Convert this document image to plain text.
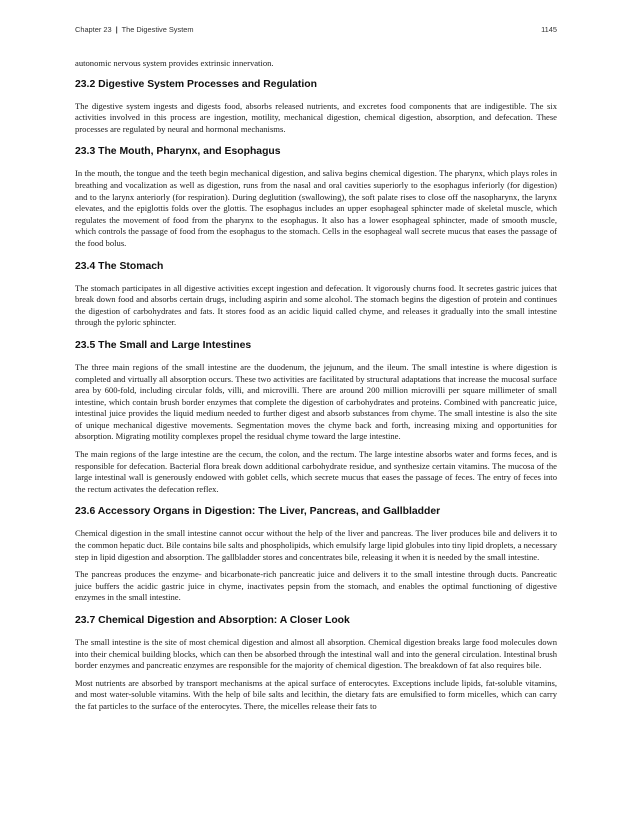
Chapter 23 | The Digestive System	1145

autonomic nervous system provides extrinsic innervation.

23.2 Digestive System Processes and Regulation

The digestive system ingests and digests food, absorbs released nutrients, and excretes food components that are indigestible. The six activities involved in this process are ingestion, motility, mechanical digestion, chemical digestion, absorption, and defecation. These processes are regulated by neural and hormonal mechanisms.

23.3 The Mouth, Pharynx, and Esophagus

In the mouth, the tongue and the teeth begin mechanical digestion, and saliva begins chemical digestion. The pharynx, which plays roles in breathing and vocalization as well as digestion, runs from the nasal and oral cavities superiorly to the esophagus inferiorly (for digestion) and to the larynx anteriorly (for respiration). During deglutition (swallowing), the soft palate rises to close off the nasopharynx, the larynx elevates, and the epiglottis folds over the glottis. The esophagus includes an upper esophageal sphincter made of skeletal muscle, which regulates the movement of food from the pharynx to the esophagus. It also has a lower esophageal sphincter, made of smooth muscle, which controls the passage of food from the esophagus to the stomach. Cells in the esophageal wall secrete mucus that eases the passage of the food bolus.

23.4 The Stomach

The stomach participates in all digestive activities except ingestion and defecation. It vigorously churns food. It secretes gastric juices that break down food and absorbs certain drugs, including aspirin and some alcohol. The stomach begins the digestion of protein and continues the digestion of carbohydrates and fats. It stores food as an acidic liquid called chyme, and releases it gradually into the small intestine through the pyloric sphincter.

23.5 The Small and Large Intestines

The three main regions of the small intestine are the duodenum, the jejunum, and the ileum. The small intestine is where digestion is completed and virtually all absorption occurs. These two activities are facilitated by structural adaptations that increase the mucosal surface area by 600-fold, including circular folds, villi, and microvilli. There are around 200 million microvilli per square millimeter of small intestine, which contain brush border enzymes that complete the digestion of carbohydrates and proteins. Combined with pancreatic juice, intestinal juice provides the liquid medium needed to further digest and absorb substances from chyme. The small intestine is also the site of unique mechanical digestive movements. Segmentation moves the chyme back and forth, increasing mixing and opportunities for absorption. Migrating motility complexes propel the residual chyme toward the large intestine.

The main regions of the large intestine are the cecum, the colon, and the rectum. The large intestine absorbs water and forms feces, and is responsible for defecation. Bacterial flora break down additional carbohydrate residue, and synthesize certain vitamins. The mucosa of the large intestinal wall is generously endowed with goblet cells, which secrete mucus that eases the passage of feces. The entry of feces into the rectum activates the defecation reflex.

23.6 Accessory Organs in Digestion: The Liver, Pancreas, and Gallbladder

Chemical digestion in the small intestine cannot occur without the help of the liver and pancreas. The liver produces bile and delivers it to the common hepatic duct. Bile contains bile salts and phospholipids, which emulsify large lipid globules into tiny lipid droplets, a necessary step in lipid digestion and absorption. The gallbladder stores and concentrates bile, releasing it when it is needed by the small intestine.

The pancreas produces the enzyme- and bicarbonate-rich pancreatic juice and delivers it to the small intestine through ducts. Pancreatic juice buffers the acidic gastric juice in chyme, inactivates pepsin from the stomach, and enables the optimal functioning of digestive enzymes in the small intestine.

23.7 Chemical Digestion and Absorption: A Closer Look

The small intestine is the site of most chemical digestion and almost all absorption. Chemical digestion breaks large food molecules down into their chemical building blocks, which can then be absorbed through the intestinal wall and into the general circulation. Intestinal brush border enzymes and pancreatic enzymes are responsible for the majority of chemical digestion. The breakdown of fat also requires bile.

Most nutrients are absorbed by transport mechanisms at the apical surface of enterocytes. Exceptions include lipids, fat-soluble vitamins, and most water-soluble vitamins. With the help of bile salts and lecithin, the dietary fats are emulsified to form micelles, which can carry the fat particles to the surface of the enterocytes. There, the micelles release their fats to
